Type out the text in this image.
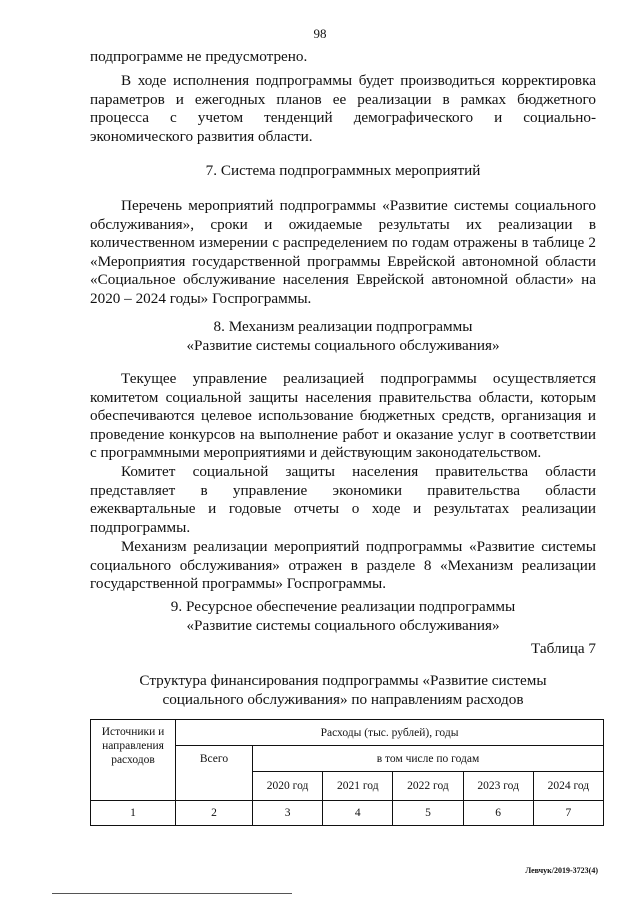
98
подпрограмме не предусмотрено.
В ходе исполнения подпрограммы будет производиться корректировка
параметров и ежегодных планов ее реализации в рамках бюджетного
процесса с учетом тенденций демографического и социально-
экономического развития области.
7. Система подпрограммных мероприятий
Перечень мероприятий подпрограммы «Развитие системы социального
обслуживания», сроки и ожидаемые результаты их реализации в
количественном измерении с распределением по годам отражены в таблице 2
«Мероприятия государственной программы Еврейской автономной области
«Социальное обслуживание населения Еврейской автономной области» на
2020 – 2024 годы» Госпрограммы.
8. Механизм реализации подпрограммы
«Развитие системы социального обслуживания»
Текущее управление реализацией подпрограммы осуществляется
комитетом социальной защиты населения правительства области, которым
обеспечиваются целевое использование бюджетных средств, организация и
проведение конкурсов на выполнение работ и оказание услуг в соответствии
с программными мероприятиями и действующим законодательством.
Комитет социальной защиты населения правительства области
представляет в управление экономики правительства области
ежеквартальные и годовые отчеты о ходе и результатах реализации
подпрограммы.
Механизм реализации мероприятий подпрограммы «Развитие системы
социального обслуживания» отражен в разделе 8 «Механизм реализации
государственной программы» Госпрограммы.
9. Ресурсное обеспечение реализации подпрограммы
«Развитие системы социального обслуживания»
Таблица 7
Структура финансирования подпрограммы «Развитие системы
социального обслуживания» по направлениям расходов
Источники и направления расходов	Расходы (тыс. рублей), годы					
	Всего	в том числе по годам				
		2020 год	2021 год	2022 год	2023 год	2024 год
1	2	3	4	5	6	7
Левчук/2019-3723(4)
